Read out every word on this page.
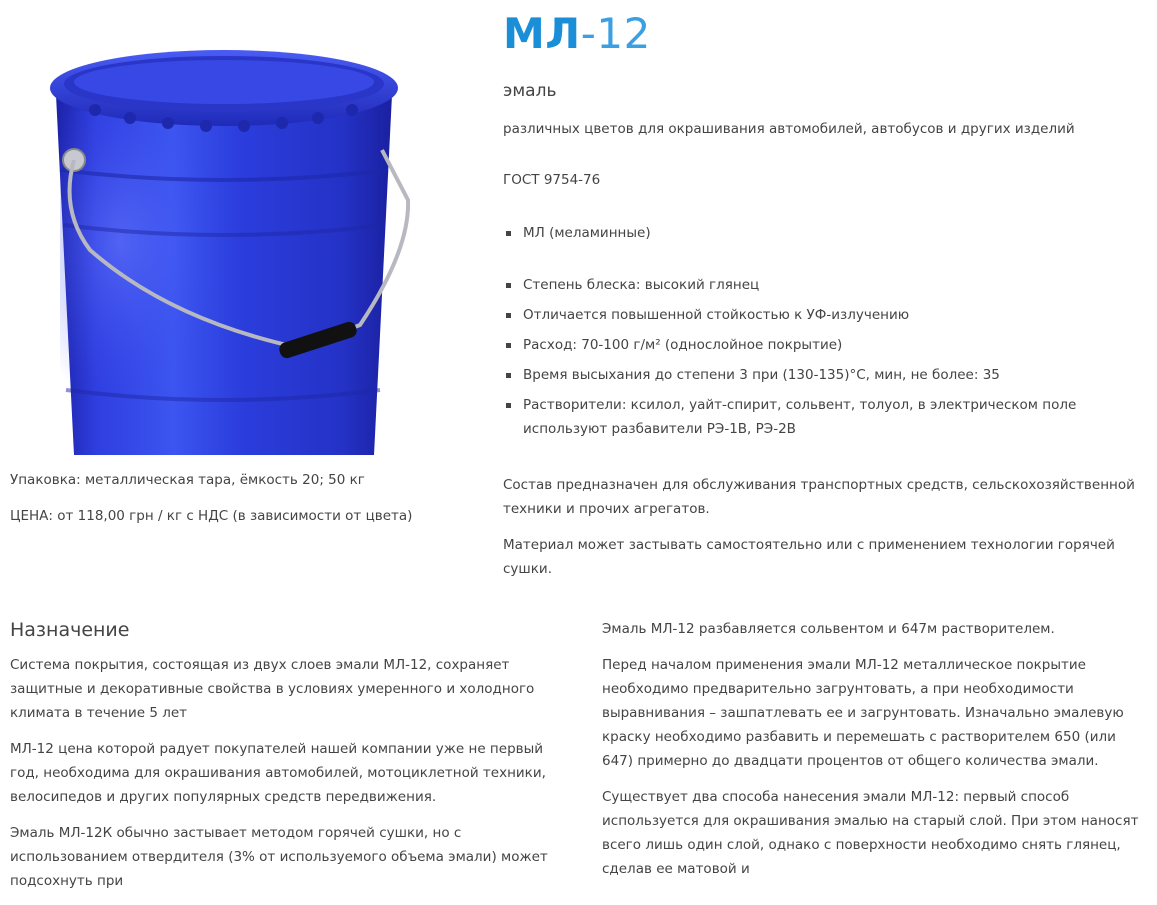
Упаковка: металлическая тара, ёмкость 20; 50 кг

ЦЕНА: от 118,00 грн / кг с НДС (в зависимости от цвета)

МЛ-12
эмаль
различных цветов для окрашивания автомобилей, автобусов и других изделий
ГОСТ 9754-76
МЛ (меламинные)
Степень блеска: высокий глянец
Отличается повышенной стойкостью к УФ-излучению
Расход: 70-100 г/м² (однослойное покрытие)
Время высыхания до степени 3 при (130-135)°С, мин, не более: 35
Растворители: ксилол, уайт-спирит, сольвент, толуол, в электрическом поле используют разбавители РЭ-1В, РЭ-2В

Состав предназначен для обслуживания транспортных средств, сельскохозяйственной техники и прочих агрегатов.

Материал может застывать самостоятельно или с применением технологии горячей сушки.

Назначение

Система покрытия, состоящая из двух слоев эмали МЛ-12, сохраняет защитные и декоративные свойства в условиях умеренного и холодного климата в течение 5 лет

МЛ-12 цена которой радует покупателей нашей компании уже не первый год, необходима для окрашивания автомобилей, мотоциклетной техники, велосипедов и других популярных средств передвижения.

Эмаль МЛ-12К обычно застывает методом горячей сушки, но с использованием отвердителя (3% от используемого объема эмали) может подсохнуть при

Эмаль МЛ-12 разбавляется сольвентом и 647м растворителем.

Перед началом применения эмали МЛ-12 металлическое покрытие необходимо предварительно загрунтовать, а при необходимости выравнивания – зашпатлевать ее и загрунтовать. Изначально эмалевую краску необходимо разбавить и перемешать с растворителем 650 (или 647) примерно до двадцати процентов от общего количества эмали.

Существует два способа нанесения эмали МЛ-12: первый способ используется для окрашивания эмалью на старый слой. При этом наносят всего лишь один слой, однако с поверхности необходимо снять глянец, сделав ее матовой и
